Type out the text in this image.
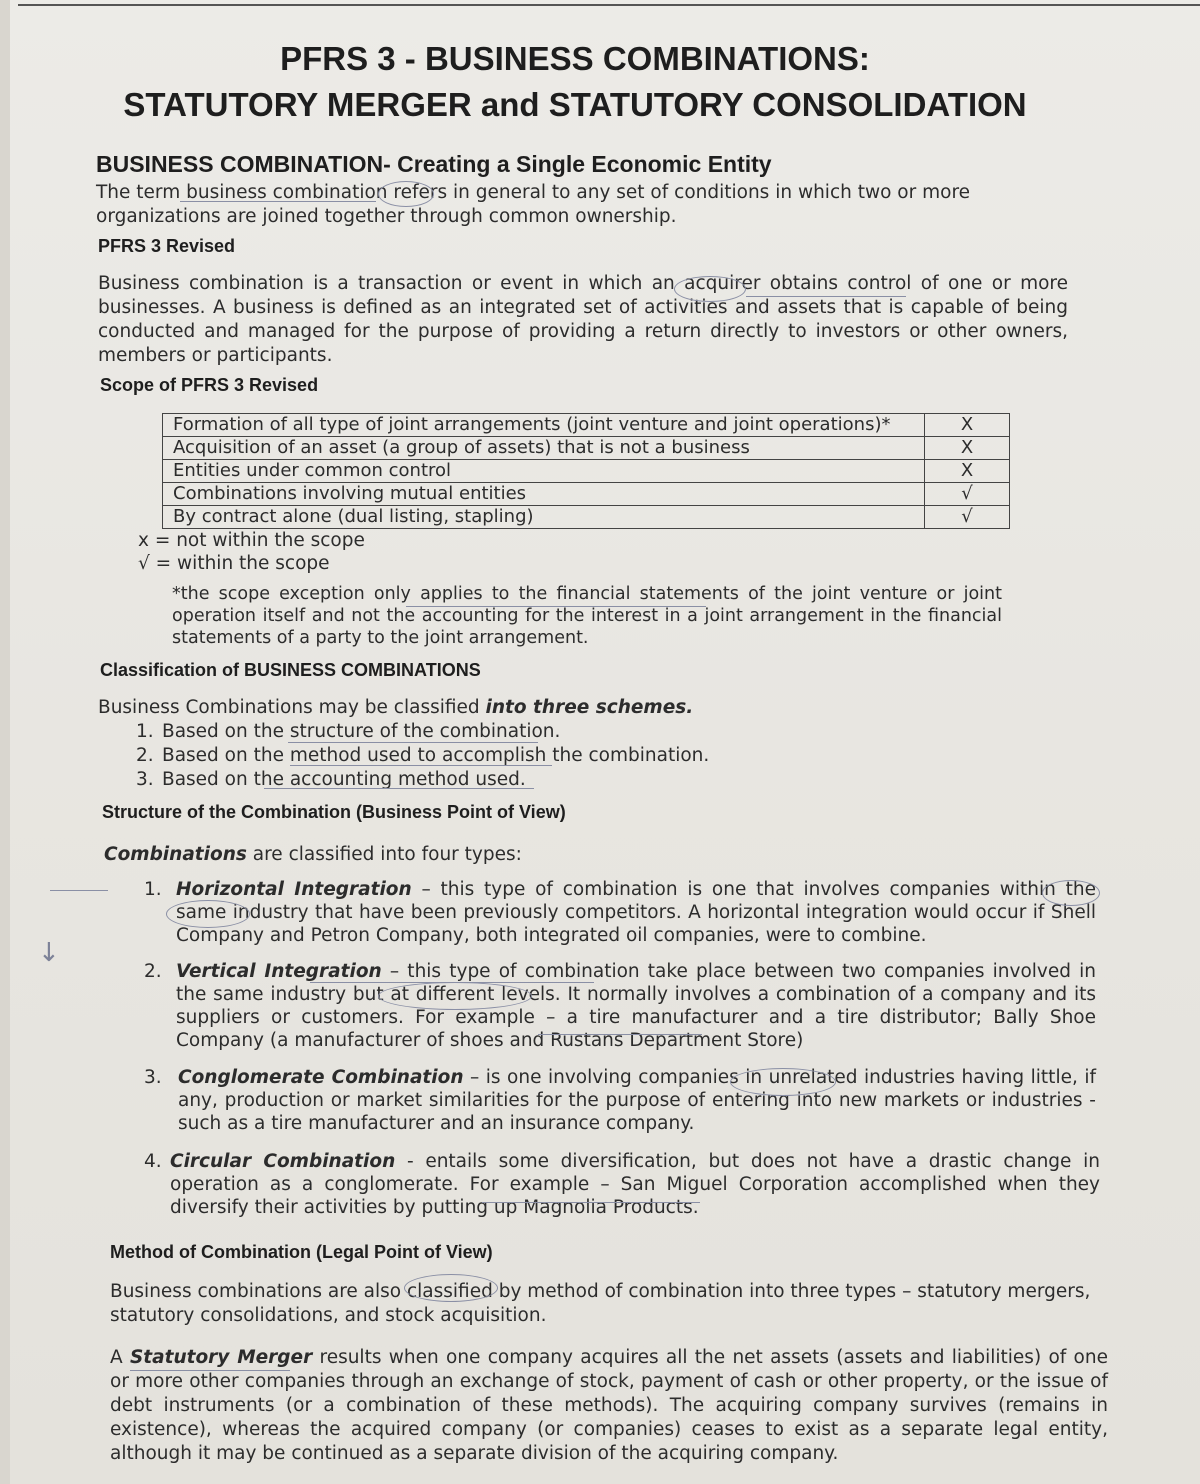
PFRS 3 - BUSINESS COMBINATIONS:
STATUTORY MERGER and STATUTORY CONSOLIDATION
BUSINESS COMBINATION- Creating a Single Economic Entity
The term business combination refers in general to any set of conditions in which two or more organizations are joined together through common ownership.
PFRS 3 Revised
Business combination is a transaction or event in which an acquirer obtains control of one or more businesses. A business is defined as an integrated set of activities and assets that is capable of being conducted and managed for the purpose of providing a return directly to investors or other owners, members or participants.
Scope of PFRS 3 Revised
Formation of all type of joint arrangements (joint venture and joint operations)*	X
Acquisition of an asset (a group of assets) that is not a business	X
Entities under common control	X
Combinations involving mutual entities	√
By contract alone (dual listing, stapling)	√
x = not within the scope
√ = within the scope
*the scope exception only applies to the financial statements of the joint venture or joint operation itself and not the accounting for the interest in a joint arrangement in the financial statements of a party to the joint arrangement.
Classification of BUSINESS COMBINATIONS
Business Combinations may be classified into three schemes.
1. Based on the structure of the combination.
2. Based on the method used to accomplish the combination.
3. Based on the accounting method used.
Structure of the Combination (Business Point of View)
Combinations are classified into four types:
1. Horizontal Integration – this type of combination is one that involves companies within the same industry that have been previously competitors. A horizontal integration would occur if Shell Company and Petron Company, both integrated oil companies, were to combine.
2. Vertical Integration – this type of combination take place between two companies involved in the same industry but at different levels. It normally involves a combination of a company and its suppliers or customers. For example – a tire manufacturer and a tire distributor; Bally Shoe Company (a manufacturer of shoes and Rustans Department Store)
3. Conglomerate Combination – is one involving companies in unrelated industries having little, if any, production or market similarities for the purpose of entering into new markets or industries - such as a tire manufacturer and an insurance company.
4. Circular Combination - entails some diversification, but does not have a drastic change in operation as a conglomerate. For example – San Miguel Corporation accomplished when they diversify their activities by putting up Magnolia Products.
Method of Combination (Legal Point of View)
Business combinations are also classified by method of combination into three types – statutory mergers, statutory consolidations, and stock acquisition.
A Statutory Merger results when one company acquires all the net assets (assets and liabilities) of one or more other companies through an exchange of stock, payment of cash or other property, or the issue of debt instruments (or a combination of these methods). The acquiring company survives (remains in existence), whereas the acquired company (or companies) ceases to exist as a separate legal entity, although it may be continued as a separate division of the acquiring company.
↓
